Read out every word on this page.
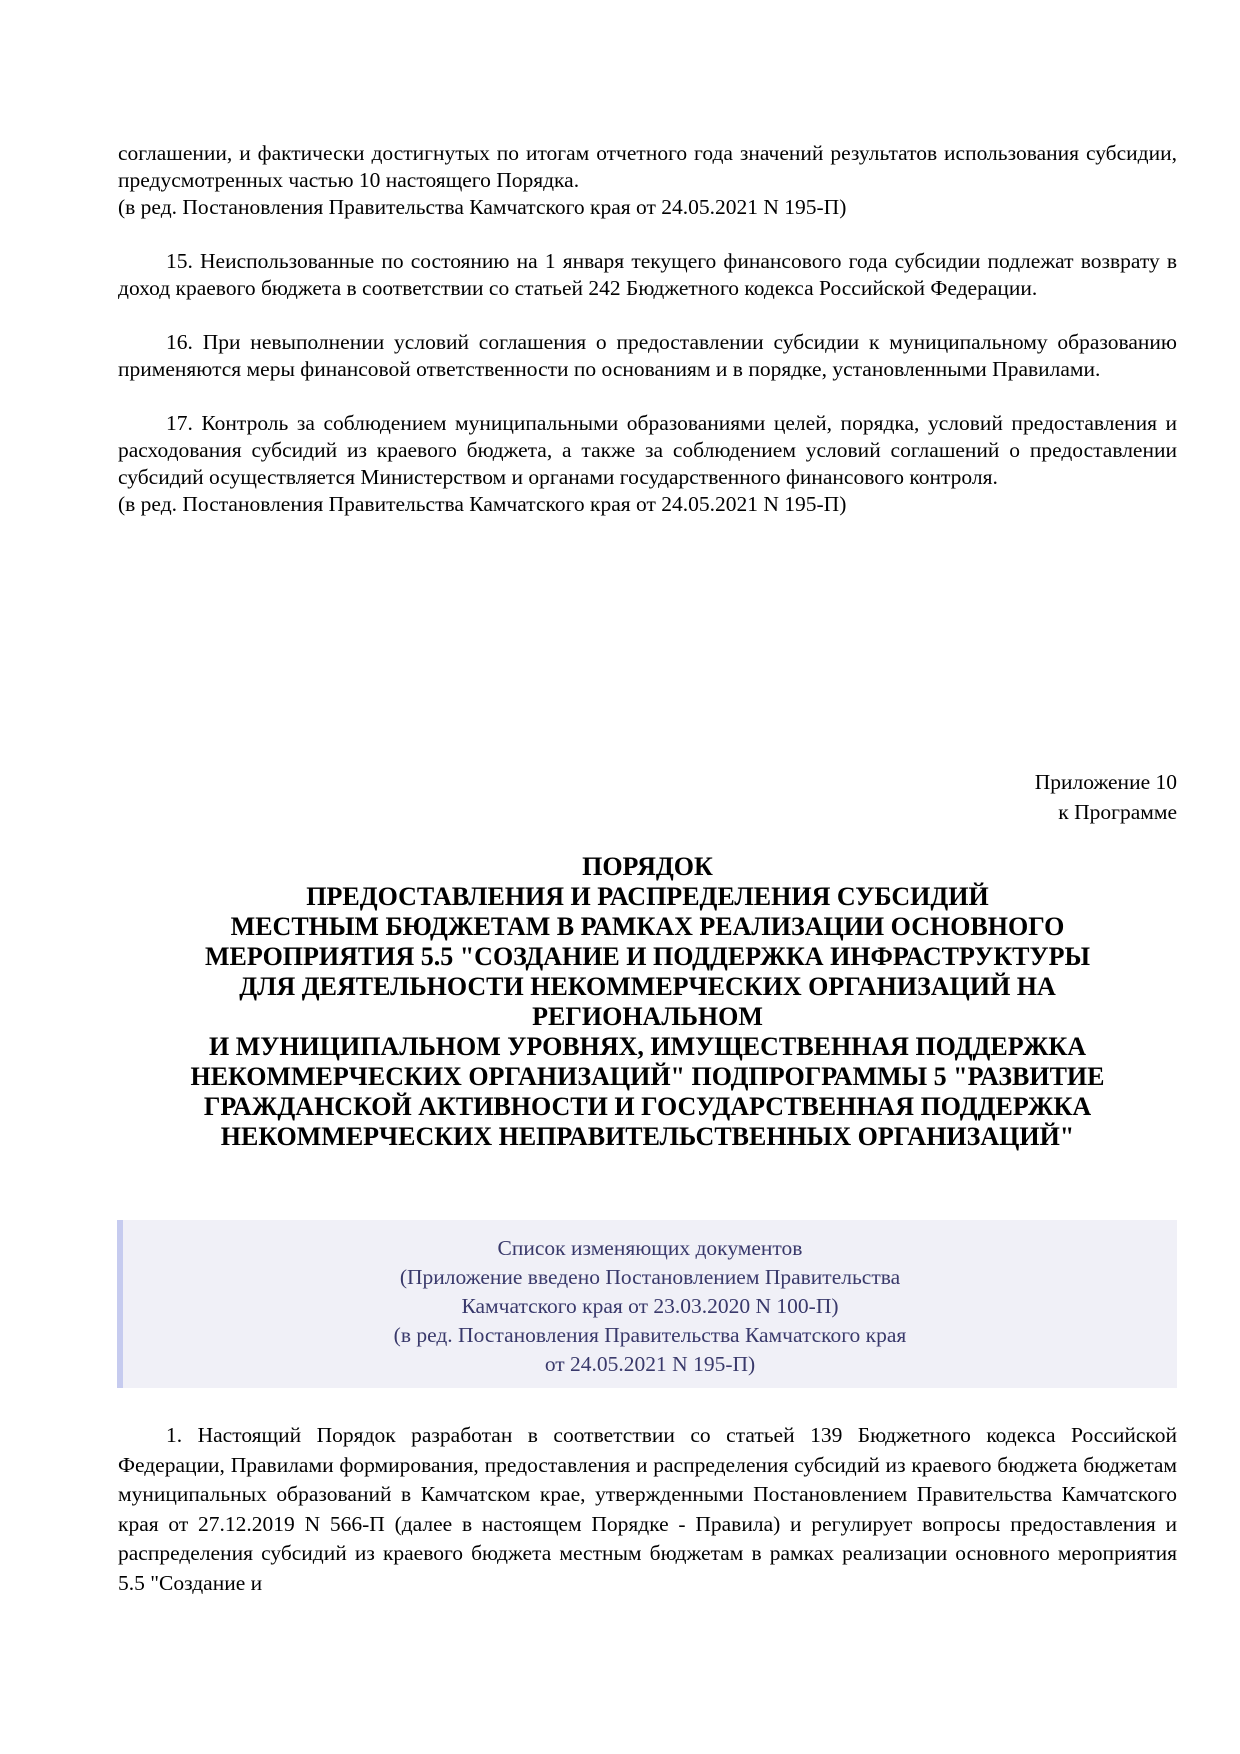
соглашении, и фактически достигнутых по итогам отчетного года значений результатов использования субсидии, предусмотренных частью 10 настоящего Порядка.

(в ред. Постановления Правительства Камчатского края от 24.05.2021 N 195-П)

15. Неиспользованные по состоянию на 1 января текущего финансового года субсидии подлежат возврату в доход краевого бюджета в соответствии со статьей 242 Бюджетного кодекса Российской Федерации.

16. При невыполнении условий соглашения о предоставлении субсидии к муниципальному образованию применяются меры финансовой ответственности по основаниям и в порядке, установленными Правилами.

17. Контроль за соблюдением муниципальными образованиями целей, порядка, условий предоставления и расходования субсидий из краевого бюджета, а также за соблюдением условий соглашений о предоставлении субсидий осуществляется Министерством и органами государственного финансового контроля.

(в ред. Постановления Правительства Камчатского края от 24.05.2021 N 195-П)

Приложение 10
к Программе
ПОРЯДОК
ПРЕДОСТАВЛЕНИЯ И РАСПРЕДЕЛЕНИЯ СУБСИДИЙ
МЕСТНЫМ БЮДЖЕТАМ В РАМКАХ РЕАЛИЗАЦИИ ОСНОВНОГО
МЕРОПРИЯТИЯ 5.5 "СОЗДАНИЕ И ПОДДЕРЖКА ИНФРАСТРУКТУРЫ
ДЛЯ ДЕЯТЕЛЬНОСТИ НЕКОММЕРЧЕСКИХ ОРГАНИЗАЦИЙ НА
РЕГИОНАЛЬНОМ
И МУНИЦИПАЛЬНОМ УРОВНЯХ, ИМУЩЕСТВЕННАЯ ПОДДЕРЖКА
НЕКОММЕРЧЕСКИХ ОРГАНИЗАЦИЙ" ПОДПРОГРАММЫ 5 "РАЗВИТИЕ
ГРАЖДАНСКОЙ АКТИВНОСТИ И ГОСУДАРСТВЕННАЯ ПОДДЕРЖКА
НЕКОММЕРЧЕСКИХ НЕПРАВИТЕЛЬСТВЕННЫХ ОРГАНИЗАЦИЙ"
Список изменяющих документов
(Приложение введено Постановлением Правительства
Камчатского края от 23.03.2020 N 100-П)
(в ред. Постановления Правительства Камчатского края
от 24.05.2021 N 195-П)

1. Настоящий Порядок разработан в соответствии со статьей 139 Бюджетного кодекса Российской Федерации, Правилами формирования, предоставления и распределения субсидий из краевого бюджета бюджетам муниципальных образований в Камчатском крае, утвержденными Постановлением Правительства Камчатского края от 27.12.2019 N 566-П (далее в настоящем Порядке - Правила) и регулирует вопросы предоставления и распределения субсидий из краевого бюджета местным бюджетам в рамках реализации основного мероприятия 5.5 "Создание и
